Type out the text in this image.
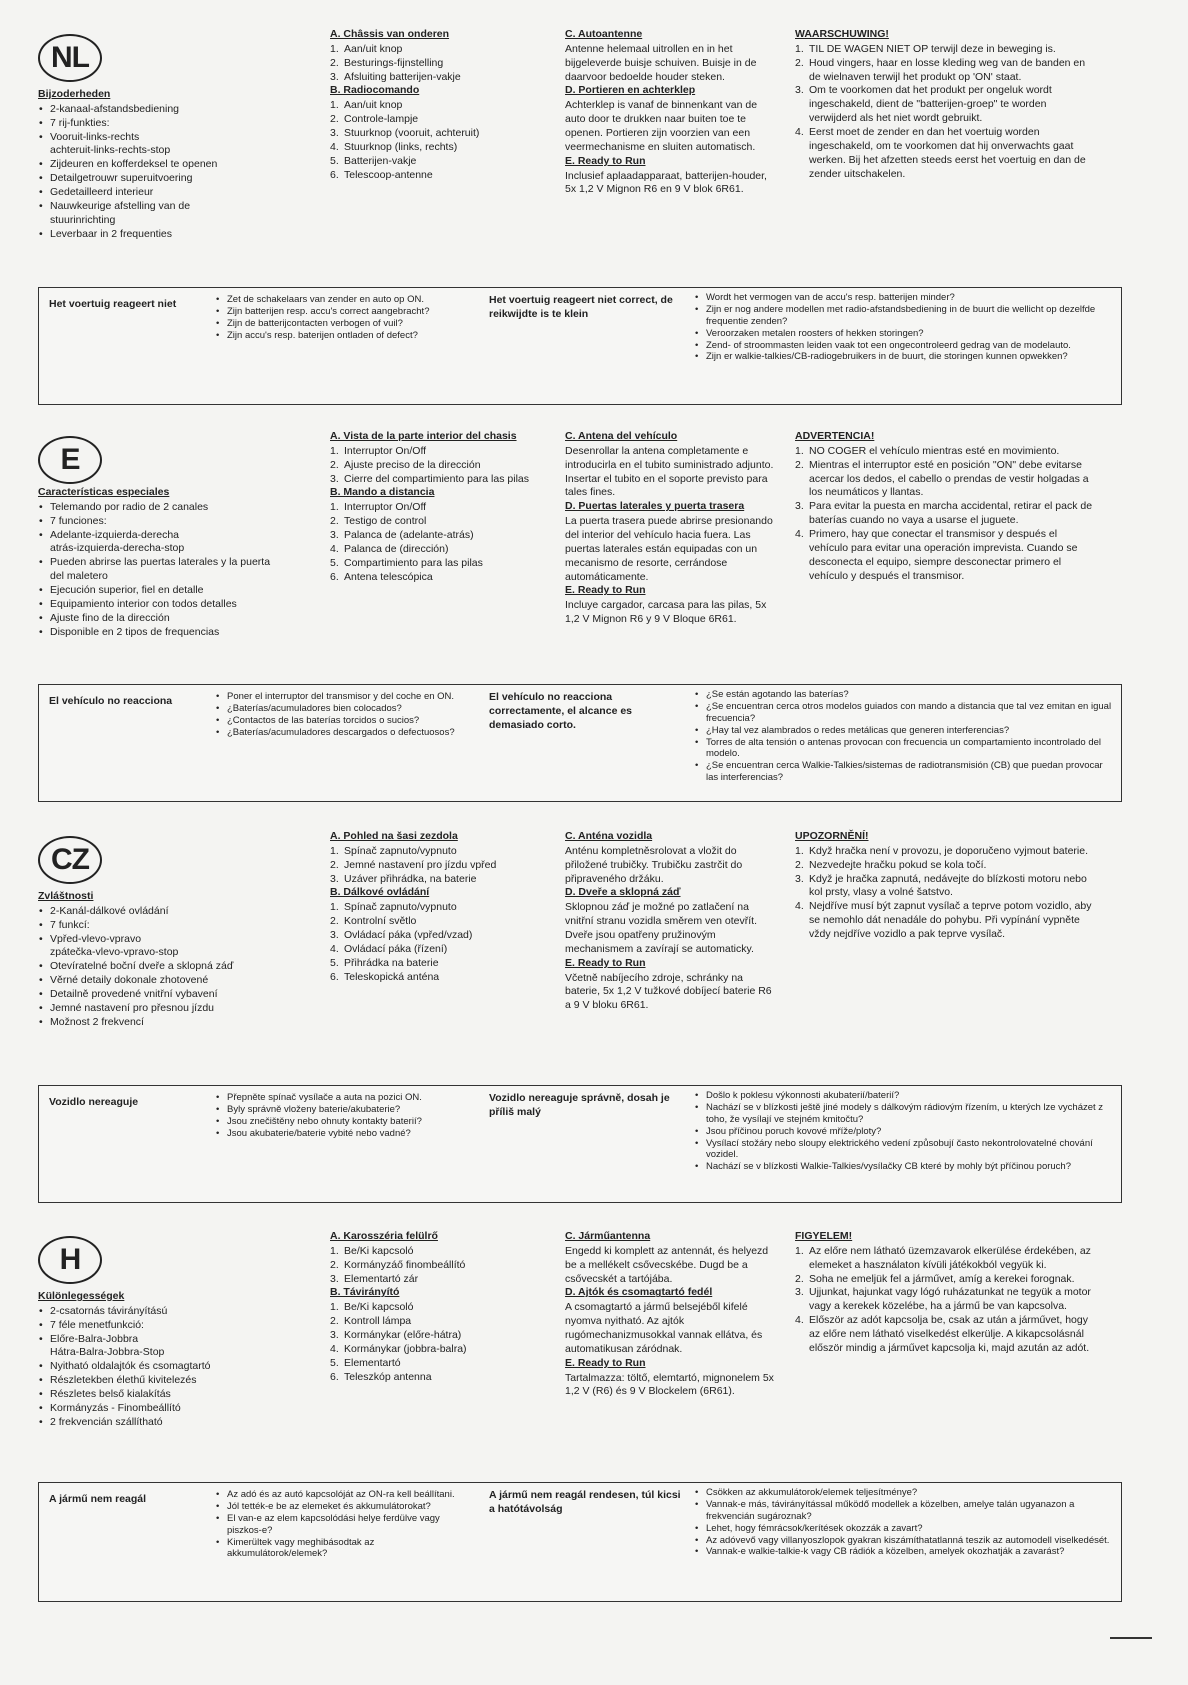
NL
Bijzoderheden
• 2-kanaal-afstandsbediening
• 7 rij-funkties:
• Vooruit-links-rechts
achteruit-links-rechts-stop
• Zijdeuren en kofferdeksel te openen
• Detailgetrouwr superuitvoering
• Gedetailleerd interieur
• Nauwkeurige afstelling van de
stuurinrichting
• Leverbaar in 2 frequenties
A. Châssis van onderen
1. Aan/uit knop
2. Besturings-fijnstelling
3. Afsluiting batterijen-vakje
B. Radiocomando
1. Aan/uit knop
2. Controle-lampje
3. Stuurknop (vooruit, achteruit)
4. Stuurknop (links, rechts)
5. Batterijen-vakje
6. Telescoop-antenne
C. Autoantenne

Antenne helemaal uitrollen en in het bijgeleverde buisje schuiven. Buisje in de daarvoor bedoelde houder steken.

D. Portieren en achterklep

Achterklep is vanaf de binnenkant van de auto door te drukken naar buiten toe te openen. Portieren zijn voorzien van een veermechanisme en sluiten automatisch.

E. Ready to Run

Inclusief aplaadapparaat, batterijen-houder, 5x 1,2 V Mignon R6 en 9 V blok 6R61.

WAARSCHUWING!
1. TIL DE WAGEN NIET OP terwijl deze in beweging is.
2. Houd vingers, haar en losse kleding weg van de banden en de wielnaven terwijl het produkt op 'ON' staat.
3. Om te voorkomen dat het produkt per ongeluk wordt ingeschakeld, dient de "batterijen-groep" te worden verwijderd als het niet wordt gebruikt.
4. Eerst moet de zender en dan het voertuig worden ingeschakeld, om te voorkomen dat hij onverwachts gaat werken. Bij het afzetten steeds eerst het voertuig en dan de zender uitschakelen.
Het voertuig reageert niet	• Zet de schakelaars van zender en auto op ON.
• Zijn batterijen resp. accu's correct aangebracht?
• Zijn de batterijcontacten verbogen of vuil?
• Zijn accu's resp. baterijen ontladen of defect?
Het voertuig reageert niet correct, de reikwijdte is te klein
• Wordt het vermogen van de accu's resp. batterijen minder?
• Zijn er nog andere modellen met radio-afstandsbediening in de buurt die wellicht op dezelfde frequentie zenden?
• Veroorzaken metalen roosters of hekken storingen?
• Zend- of stroommasten leiden vaak tot een ongecontroleerd gedrag van de modelauto.
• Zijn er walkie-talkies/CB-radiogebruikers in de buurt, die storingen kunnen opwekken?
E
Características especiales
• Telemando por radio de 2 canales
• 7 funciones:
• Adelante-izquierda-derecha
atrás-izquierda-derecha-stop
• Pueden abrirse las puertas laterales y la puerta del maletero
• Ejecución superior, fiel en detalle
• Equipamiento interior con todos detalles
• Ajuste fino de la dirección
• Disponible en 2 tipos de frequencias
A. Vista de la parte interior del chasis
1. Interruptor On/Off
2. Ajuste preciso de la dirección
3. Cierre del compartimiento para las pilas
B. Mando a distancia
1. Interruptor On/Off
2. Testigo de control
3. Palanca de (adelante-atrás)
4. Palanca de (dirección)
5. Compartimiento para las pilas
6. Antena telescópica
C. Antena del vehículo

Desenrollar la antena completamente e introducirla en el tubito suministrado adjunto. Insertar el tubito en el soporte previsto para tales fines.

D. Puertas laterales y puerta trasera

La puerta trasera puede abrirse presionando del interior del vehículo hacia fuera. Las puertas laterales están equipadas con un mecanismo de resorte, cerrándose automáticamente.

E. Ready to Run

Incluye cargador, carcasa para las pilas, 5x 1,2 V Mignon R6 y 9 V Bloque 6R61.

ADVERTENCIA!
1. NO COGER el vehículo mientras esté en movimiento.
2. Mientras el interruptor esté en posición "ON" debe evitarse acercar los dedos, el cabello o prendas de vestir holgadas a los neumáticos y llantas.
3. Para evitar la puesta en marcha accidental, retirar el pack de baterías cuando no vaya a usarse el juguete.
4. Primero, hay que conectar el transmisor y después el vehículo para evitar una operación imprevista. Cuando se desconecta el equipo, siempre desconectar primero el vehículo y después el transmisor.
El vehículo no reacciona	• Poner el interruptor del transmisor y del coche en ON.
• ¿Baterías/acumuladores bien colocados?
• ¿Contactos de las baterías torcidos o sucios?
• ¿Baterías/acumuladores descargados o defectuosos?
El vehículo no reacciona correctamente, el alcance es demasiado corto.
• ¿Se están agotando las baterías?
• ¿Se encuentran cerca otros modelos guiados con mando a distancia que tal vez emitan en igual frecuencia?
• ¿Hay tal vez alambrados o redes metálicas que generen interferencias?
• Torres de alta tensión o antenas provocan con frecuencia un compartamiento incontrolado del modelo.
• ¿Se encuentran cerca Walkie-Talkies/sistemas de radiotransmisión (CB) que puedan provocar las interferencias?
CZ
Zvláštnosti
• 2-Kanál-dálkové ovládání
• 7 funkcí:
• Vpřed-vlevo-vpravo
zpátečka-vlevo-vpravo-stop
• Otevíratelné boční dveře a sklopná záď
• Věrné detaily dokonale zhotovené
• Detailně provedené vnitřní vybavení
• Jemné nastavení pro přesnou jízdu
• Možnost 2 frekvencí
A. Pohled na šasi zezdola
1. Spínač zapnuto/vypnuto
2. Jemné nastavení pro jízdu vpřed
3. Uzáver přihrádka, na baterie
B. Dálkové ovládání
1. Spínač zapnuto/vypnuto
2. Kontrolní světlo
3. Ovládací páka (vpřed/vzad)
4. Ovládací páka (řízení)
5. Přihrádka na baterie
6. Teleskopická anténa
C. Anténa vozidla

Anténu kompletněsrolovat a vložit do přiložené trubičky. Trubičku zastrčit do připraveného držáku.

D. Dveře a sklopná záď

Sklopnou záď je možné po zatlačení na vnitřní stranu vozidla směrem ven otevřít. Dveře jsou opatřeny pružinovým mechanismem a zavírají se automaticky.

E. Ready to Run

Včetně nabíjecího zdroje, schránky na baterie, 5x 1,2 V tužkové dobíjecí baterie R6 a 9 V bloku 6R61.

UPOZORNĚNÍ!
1. Když hračka není v provozu, je doporučeno vyjmout baterie.
2. Nezvedejte hračku pokud se kola točí.
3. Když je hračka zapnutá, nedávejte do blízkosti motoru nebo kol prsty, vlasy a volné šatstvo.
4. Nejdříve musí být zapnut vysílač a teprve potom vozidlo, aby se nemohlo dát nenadále do pohybu. Při vypínání vypněte vždy nejdříve vozidlo a pak teprve vysílač.
Vozidlo nereaguje	• Přepněte spínač vysílače a auta na pozici ON.
• Byly správně vloženy baterie/akubaterie?
• Jsou znečištěny nebo ohnuty kontakty baterií?
• Jsou akubaterie/baterie vybité nebo vadné?
Vozidlo nereaguje správně, dosah je příliš malý
• Došlo k poklesu výkonnosti akubaterií/baterií?
• Nachází se v blízkosti ještě jiné modely s dálkovým rádiovým řízením, u kterých lze vycházet z toho, že vysílají ve stejném kmitočtu?
• Jsou příčinou poruch kovové mříže/ploty?
• Vysílací stožáry nebo sloupy elektrického vedení způsobují často nekontrolovatelné chování vozidel.
• Nachází se v blízkosti Walkie-Talkies/vysílačky CB které by mohly být příčinou poruch?
H
Különlegességek
• 2-csatornás távirányítású
• 7 féle menetfunkció:
• Előre-Balra-Jobbra
Hátra-Balra-Jobbra-Stop
• Nyitható oldalajtók és csomagtartó
• Részletekben élethű kivitelezés
• Részletes belső kialakítás
• Kormányzás - Finombeállító
• 2 frekvencián szállítható
A. Karosszéria felülrő
1. Be/Ki kapcsoló
2. Kormányzáő finombeállító
3. Elementartó zár
B. Távirányító
1. Be/Ki kapcsoló
2. Kontroll lámpa
3. Kormánykar (előre-hátra)
4. Kormánykar (jobbra-balra)
5. Elementartó
6. Teleszkóp antenna
C. Járműantenna

Engedd ki komplett az antennát, és helyezd be a mellékelt csővecskébe. Dugd be a csővecskét a tartójába.

D. Ajtók és csomagtartó fedél

A csomagtartó a jármű belsejéből kifelé nyomva nyitható. Az ajtók rugómechanizmusokkal vannak ellátva, és automatikusan záródnak.

E. Ready to Run

Tartalmazza: töltő, elemtartó, mignonelem 5x 1,2 V (R6) és 9 V Blockelem (6R61).

FIGYELEM!
1. Az előre nem látható üzemzavarok elkerülése érdekében, az elemeket a használaton kívüli játékokból vegyük ki.
2. Soha ne emeljük fel a járművet, amíg a kerekei forognak.
3. Ujjunkat, hajunkat vagy lógó ruházatunkat ne tegyük a motor vagy a kerekek közelébe, ha a jármű be van kapcsolva.
4. Először az adót kapcsolja be, csak az után a járművet, hogy az előre nem látható viselkedést elkerülje. A kikapcsolásnál először mindig a járművet kapcsolja ki, majd azután az adót.
A jármű nem reagál	• Az adó és az autó kapcsolóját az ON-ra kell beállítani.
• Jól tették-e be az elemeket és akkumulátorokat?
• El van-e az elem kapcsolódási helye ferdülve vagy piszkos-e?
• Kimerültek vagy meghibásodtak az akkumulátorok/elemek?
A jármű nem reagál rendesen, túl kicsi a hatótávolság
• Csökken az akkumulátorok/elemek teljesítménye?
• Vannak-e más, távirányítással működő modellek a közelben, amelye talán ugyanazon a frekvencián sugároznak?
• Lehet, hogy fémrácsok/kerítések okozzák a zavart?
• Az adóvevő vagy villanyoszlopok gyakran kiszámíthatatlanná teszik az automodell viselkedését.
• Vannak-e walkie-talkie-k vagy CB rádiók a közelben, amelyek okozhatják a zavarást?
